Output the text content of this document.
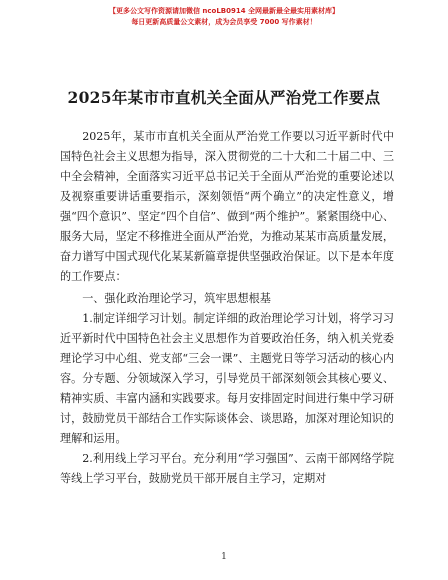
【更多公文写作资源请加微信 ncoLB0914 全网最新最全最实用素材库】
每日更新高质量公文素材，成为会员享受 7000 写作素材！
2025年某市市直机关全面从严治党工作要点

2025年，某市市直机关全面从严治党工作要以习近平新时代中国特色社会主义思想为指导，深入贯彻党的二十大和二十届二中、三中全会精神，全面落实习近平总书记关于全面从严治党的重要论述以及视察重要讲话重要指示，深刻领悟“两个确立”的决定性意义，增强“四个意识”、坚定“四个自信”、做到“两个维护”。紧紧围绕中心、服务大局，坚定不移推进全面从严治党，为推动某某市高质量发展，奋力谱写中国式现代化某某新篇章提供坚强政治保证。以下是本年度的工作要点：

一、强化政治理论学习，筑牢思想根基

1.制定详细学习计划。制定详细的政治理论学习计划，将学习习近平新时代中国特色社会主义思想作为首要政治任务，纳入机关党委理论学习中心组、党支部“三会一课”、主题党日等学习活动的核心内容。分专题、分领域深入学习，引导党员干部深刻领会其核心要义、精神实质、丰富内涵和实践要求。每月安排固定时间进行集中学习研讨，鼓励党员干部结合工作实际谈体会、谈思路，加深对理论知识的理解和运用。

2.利用线上学习平台。充分利用“学习强国”、云南干部网络学院等线上学习平台，鼓励党员干部开展自主学习，定期对

1
